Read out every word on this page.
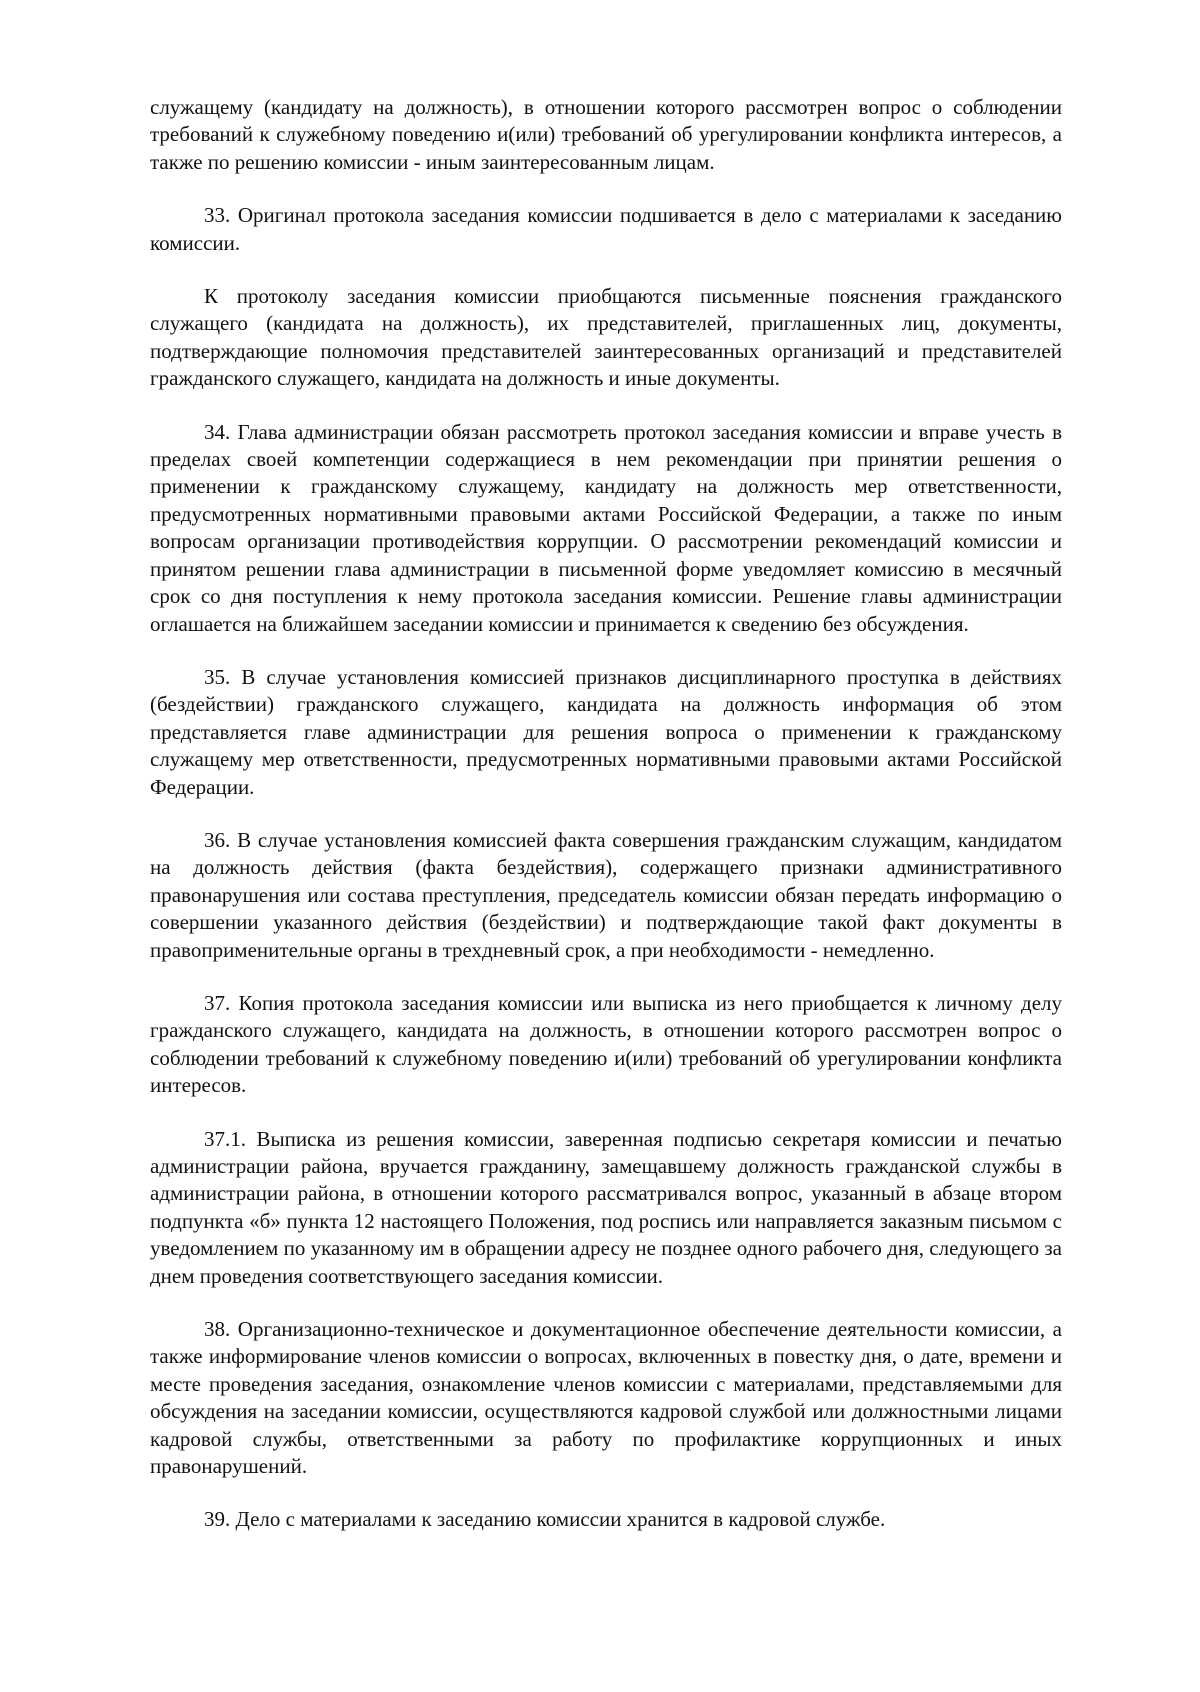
служащему (кандидату на должность), в отношении которого рассмотрен вопрос о соблюдении требований к служебному поведению и(или) требований об урегулировании конфликта интересов, а также по решению комиссии - иным заинтересованным лицам.

33. Оригинал протокола заседания комиссии подшивается в дело с материалами к заседанию комиссии.

К протоколу заседания комиссии приобщаются письменные пояснения гражданского служащего (кандидата на должность), их представителей, приглашенных лиц, документы, подтверждающие полномочия представителей заинтересованных организаций и представителей гражданского служащего, кандидата на должность и иные документы.

34. Глава администрации обязан рассмотреть протокол заседания комиссии и вправе учесть в пределах своей компетенции содержащиеся в нем рекомендации при принятии решения о применении к гражданскому служащему, кандидату на должность мер ответственности, предусмотренных нормативными правовыми актами Российской Федерации, а также по иным вопросам организации противодействия коррупции. О рассмотрении рекомендаций комиссии и принятом решении глава администрации в письменной форме уведомляет комиссию в месячный срок со дня поступления к нему протокола заседания комиссии. Решение главы администрации оглашается на ближайшем заседании комиссии и принимается к сведению без обсуждения.

35. В случае установления комиссией признаков дисциплинарного проступка в действиях (бездействии) гражданского служащего, кандидата на должность информация об этом представляется главе администрации для решения вопроса о применении к гражданскому служащему мер ответственности, предусмотренных нормативными правовыми актами Российской Федерации.

36. В случае установления комиссией факта совершения гражданским служащим, кандидатом на должность действия (факта бездействия), содержащего признаки административного правонарушения или состава преступления, председатель комиссии обязан передать информацию о совершении указанного действия (бездействии) и подтверждающие такой факт документы в правоприменительные органы в трехдневный срок, а при необходимости - немедленно.

37. Копия протокола заседания комиссии или выписка из него приобщается к личному делу гражданского служащего, кандидата на должность, в отношении которого рассмотрен вопрос о соблюдении требований к служебному поведению и(или) требований об урегулировании конфликта интересов.

37.1. Выписка из решения комиссии, заверенная подписью секретаря комиссии и печатью администрации района, вручается гражданину, замещавшему должность гражданской службы в администрации района, в отношении которого рассматривался вопрос, указанный в абзаце втором подпункта «б» пункта 12 настоящего Положения, под роспись или направляется заказным письмом с уведомлением по указанному им в обращении адресу не позднее одного рабочего дня, следующего за днем проведения соответствующего заседания комиссии.

38. Организационно-техническое и документационное обеспечение деятельности комиссии, а также информирование членов комиссии о вопросах, включенных в повестку дня, о дате, времени и месте проведения заседания, ознакомление членов комиссии с материалами, представляемыми для обсуждения на заседании комиссии, осуществляются кадровой службой или должностными лицами кадровой службы, ответственными за работу по профилактике коррупционных и иных правонарушений.

39. Дело с материалами к заседанию комиссии хранится в кадровой службе.
